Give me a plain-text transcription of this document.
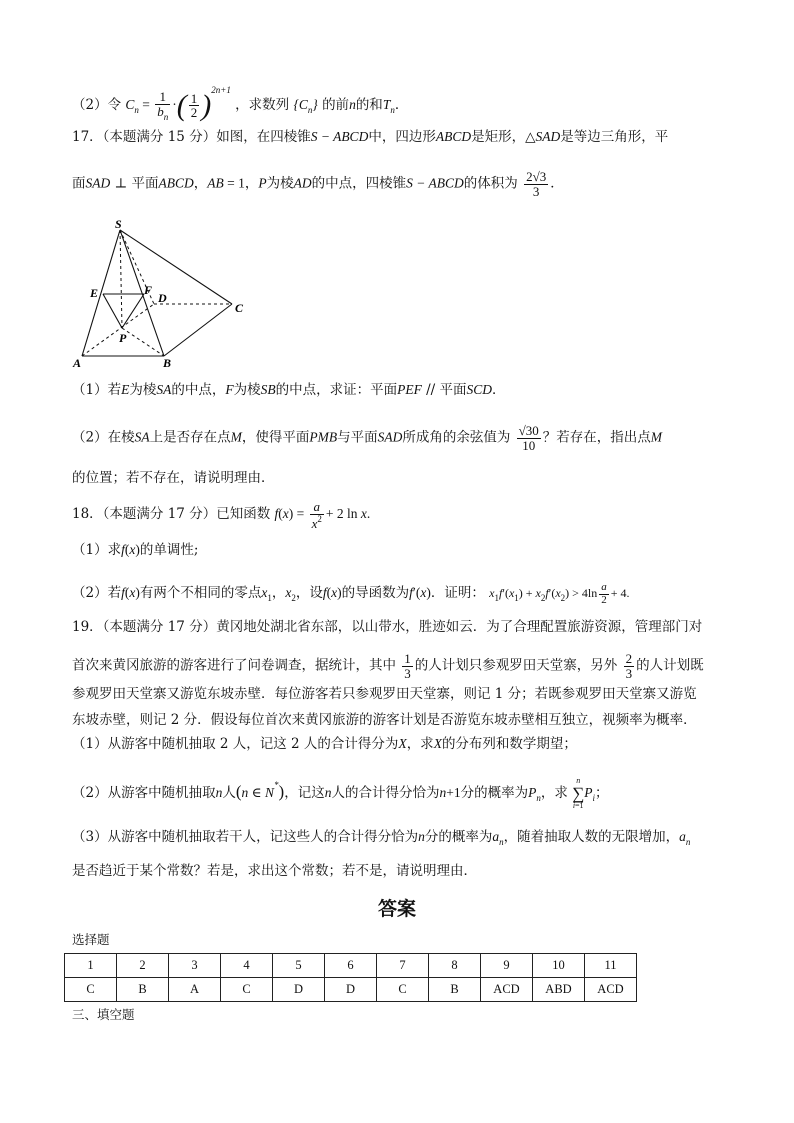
（2）令 $C_n = \frac{1}{b_n}$ ·( $\frac{1}{2} )^{2n+1}$ ，求数列 $\{C_n\}$ 的前n的和$T_n$．
17．（本题满分 15 分）如图，在四棱锥S − ABCD中，四边形ABCD是矩形，△SAD是等边三角形，平
面SAD ⊥ 平面ABCD，AB = 1，P为棱AD的中点，四棱锥S − ABCD的体积为 $\frac{2√3}{3}$ ．
S
E	F
D
C
P
A	B
（1）若E为棱SA的中点，F为棱SB的中点，求证：平面PEF // 平面SCD．
（2）在棱SA上是否存在点M，使得平面PMB与平面SAD所成角的余弦值为 $\frac{√30}{10}$ ？若存在，指出点M
的位置；若不存在，请说明理由．
18．（本题满分 17 分）已知函数 $f(x) = \frac{a}{x^2} + 2$ ln x.
（1）求f(x)的单调性;
（2）若f(x)有两个不相同的零点$x_1$，$x_2$，设f(x)的导函数为f′(x)．证明： $x_1f'(x_1) + x_2f'(x_2) > 4\ln \frac{a}{2} + 4$.
19．（本题满分 17 分）黄冈地处湖北省东部，以山带水，胜迹如云．为了合理配置旅游资源，管理部门对
首次来黄冈旅游的游客进行了问卷调查，据统计，其中 $\frac{1}{3}$ 的人计划只参观罗田天堂寨，另外 $\frac{2}{3}$ 的人计划既
参观罗田天堂寨又游览东坡赤壁．每位游客若只参观罗田天堂寨，则记 1 分；若既参观罗田天堂寨又游览
东坡赤壁，则记 2 分．假设每位首次来黄冈旅游的游客计划是否游览东坡赤壁相互独立，视频率为概率．
（1）从游客中随机抽取 2 人，记这 2 人的合计得分为X，求X的分布列和数学期望；
（2）从游客中随机抽取n人(n ∈ N*)，记这n人的合计得分恰为n+1分的概率为$P_n$，求
n
∑
i=1
$P_i$；
（3）从游客中随机抽取若干人，记这些人的合计得分恰为n分的概率为$a_n$，随着抽取人数的无限增加，$a_n$
是否趋近于某个常数？若是，求出这个常数；若不是，请说明理由．
答案
选择题
1	2	3	4	5	6	7	8	9	10	11
C	B	A	C	D	D	C	B	ACD	ABD	ACD
三、填空题
